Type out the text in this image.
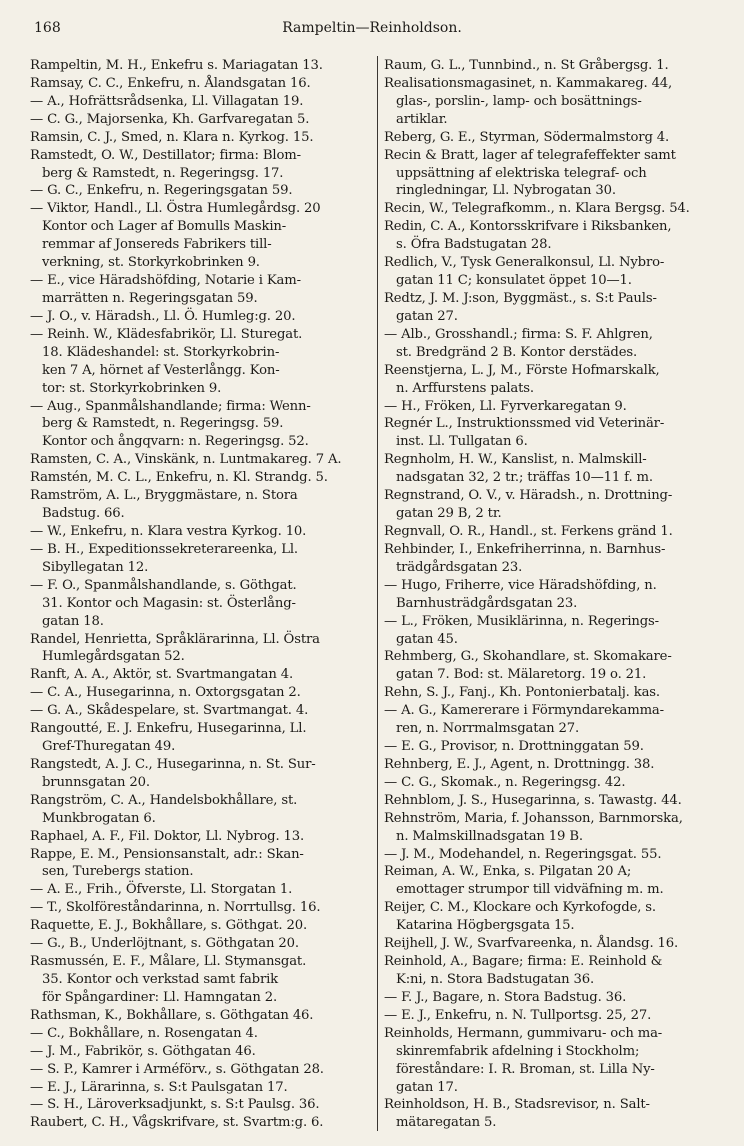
168	Rampeltin—Reinholdson.
Rampeltin, M. H., Enkefru s. Mariagatan 13.
Ramsay, C. C., Enkefru, n. Ålandsgatan 16.
— A., Hofrättsrådsenka, Ll. Villagatan 19.
— C. G., Majorsenka, Kh. Garfvaregatan 5.
Ramsin, C. J., Smed, n. Klara n. Kyrkog. 15.
Ramstedt, O. W., Destillator; firma: Blom-
berg & Ramstedt, n. Regeringsg. 17.
— G. C., Enkefru, n. Regeringsgatan 59.
— Viktor, Handl., Ll. Östra Humlegårdsg. 20
Kontor och Lager af Bomulls Maskin-
remmar af Jonsereds Fabrikers till-
verkning, st. Storkyrkobrinken 9.
— E., vice Häradshöfding, Notarie i Kam-
marrätten n. Regeringsgatan 59.
— J. O., v. Häradsh., Ll. Ö. Humleg:g. 20.
— Reinh. W., Klädesfabrikör, Ll. Sturegat.
18. Klädeshandel: st. Storkyrkobrin-
ken 7 A, hörnet af Vesterlångg. Kon-
tor: st. Storkyrkobrinken 9.
— Aug., Spanmålshandlande; firma: Wenn-
berg & Ramstedt, n. Regeringsg. 59.
Kontor och ångqvarn: n. Regeringsg. 52.
Ramsten, C. A., Vinskänk, n. Luntmakareg. 7 A.
Ramstén, M. C. L., Enkefru, n. Kl. Strandg. 5.
Ramström, A. L., Bryggmästare, n. Stora
Badstug. 66.
— W., Enkefru, n. Klara vestra Kyrkog. 10.
— B. H., Expeditionssekreterareenka, Ll.
Sibyllegatan 12.
— F. O., Spanmålshandlande, s. Göthgat.
31. Kontor och Magasin: st. Österlång-
gatan 18.
Randel, Henrietta, Språklärarinna, Ll. Östra
Humlegårdsgatan 52.
Ranft, A. A., Aktör, st. Svartmangatan 4.
— C. A., Husegarinna, n. Oxtorgsgatan 2.
— G. A., Skådespelare, st. Svartmangat. 4.
Rangoutté, E. J. Enkefru, Husegarinna, Ll.
Gref-Thuregatan 49.
Rangstedt, A. J. C., Husegarinna, n. St. Sur-
brunnsgatan 20.
Rangström, C. A., Handelsbokhållare, st.
Munkbrogatan 6.
Raphael, A. F., Fil. Doktor, Ll. Nybrog. 13.
Rappe, E. M., Pensionsanstalt, adr.: Skan-
sen, Turebergs station.
— A. E., Frih., Öfverste, Ll. Storgatan 1.
— T., Skolföreståndarinna, n. Norrtullsg. 16.
Raquette, E. J., Bokhållare, s. Göthgat. 20.
— G., B., Underlöjtnant, s. Göthgatan 20.
Rasmussén, E. F., Målare, Ll. Stymansgat.
35. Kontor och verkstad samt fabrik
för Spångardiner: Ll. Hamngatan 2.
Rathsman, K., Bokhållare, s. Göthgatan 46.
— C., Bokhållare, n. Rosengatan 4.
— J. M., Fabrikör, s. Göthgatan 46.
— S. P., Kamrer i Arméförv., s. Göthgatan 28.
— E. J., Lärarinna, s. S:t Paulsgatan 17.
— S. H., Läroverksadjunkt, s. S:t Paulsg. 36.
Raubert, C. H., Vågskrifvare, st. Svartm:g. 6.
Raum, G. L., Tunnbind., n. St Gråbergsg. 1.
Realisationsmagasinet, n. Kammakareg. 44,
glas-, porslin-, lamp- och bosättnings-
artiklar.
Reberg, G. E., Styrman, Södermalmstorg 4.
Recin & Bratt, lager af telegrafeffekter samt
uppsättning af elektriska telegraf- och
ringledningar, Ll. Nybrogatan 30.
Recin, W., Telegrafkomm., n. Klara Bergsg. 54.
Redin, C. A., Kontorsskrifvare i Riksbanken,
s. Öfra Badstugatan 28.
Redlich, V., Tysk Generalkonsul, Ll. Nybro-
gatan 11 C; konsulatet öppet 10—1.
Redtz, J. M. J:son, Byggmäst., s. S:t Pauls-
gatan 27.
— Alb., Grosshandl.; firma: S. F. Ahlgren,
st. Bredgränd 2 B. Kontor derstädes.
Reenstjerna, L. J, M., Förste Hofmarskalk,
n. Arffurstens palats.
— H., Fröken, Ll. Fyrverkaregatan 9.
Regnér L., Instruktionssmed vid Veterinär-
inst. Ll. Tullgatan 6.
Regnholm, H. W., Kanslist, n. Malmskill-
nadsgatan 32, 2 tr.; träffas 10—11 f. m.
Regnstrand, O. V., v. Häradsh., n. Drottning-
gatan 29 B, 2 tr.
Regnvall, O. R., Handl., st. Ferkens gränd 1.
Rehbinder, I., Enkefriherrinna, n. Barnhus-
trädgårdsgatan 23.
— Hugo, Friherre, vice Häradshöfding, n.
Barnhusträdgårdsgatan 23.
— L., Fröken, Musiklärinna, n. Regerings-
gatan 45.
Rehmberg, G., Skohandlare, st. Skomakare-
gatan 7. Bod: st. Mälaretorg. 19 o. 21.
Rehn, S. J., Fanj., Kh. Pontonierbatalj. kas.
— A. G., Kamererare i Förmyndarekamma-
ren, n. Norrmalmsgatan 27.
— E. G., Provisor, n. Drottninggatan 59.
Rehnberg, E. J., Agent, n. Drottningg. 38.
— C. G., Skomak., n. Regeringsg. 42.
Rehnblom, J. S., Husegarinna, s. Tawastg. 44.
Rehnström, Maria, f. Johansson, Barnmorska,
n. Malmskillnadsgatan 19 B.
— J. M., Modehandel, n. Regeringsgat. 55.
Reiman, A. W., Enka, s. Pilgatan 20 A;
emottager strumpor till vidväfning m. m.
Reijer, C. M., Klockare och Kyrkofogde, s.
Katarina Högbergsgata 15.
Reijhell, J. W., Svarfvareenka, n. Ålandsg. 16.
Reinhold, A., Bagare; firma: E. Reinhold &
K:ni, n. Stora Badstugatan 36.
— F. J., Bagare, n. Stora Badstug. 36.
— E. J., Enkefru, n. N. Tullportsg. 25, 27.
Reinholds, Hermann, gummivaru- och ma-
skinremfabrik afdelning i Stockholm;
föreståndare: I. R. Broman, st. Lilla Ny-
gatan 17.
Reinholdson, H. B., Stadsrevisor, n. Salt-
mätaregatan 5.
